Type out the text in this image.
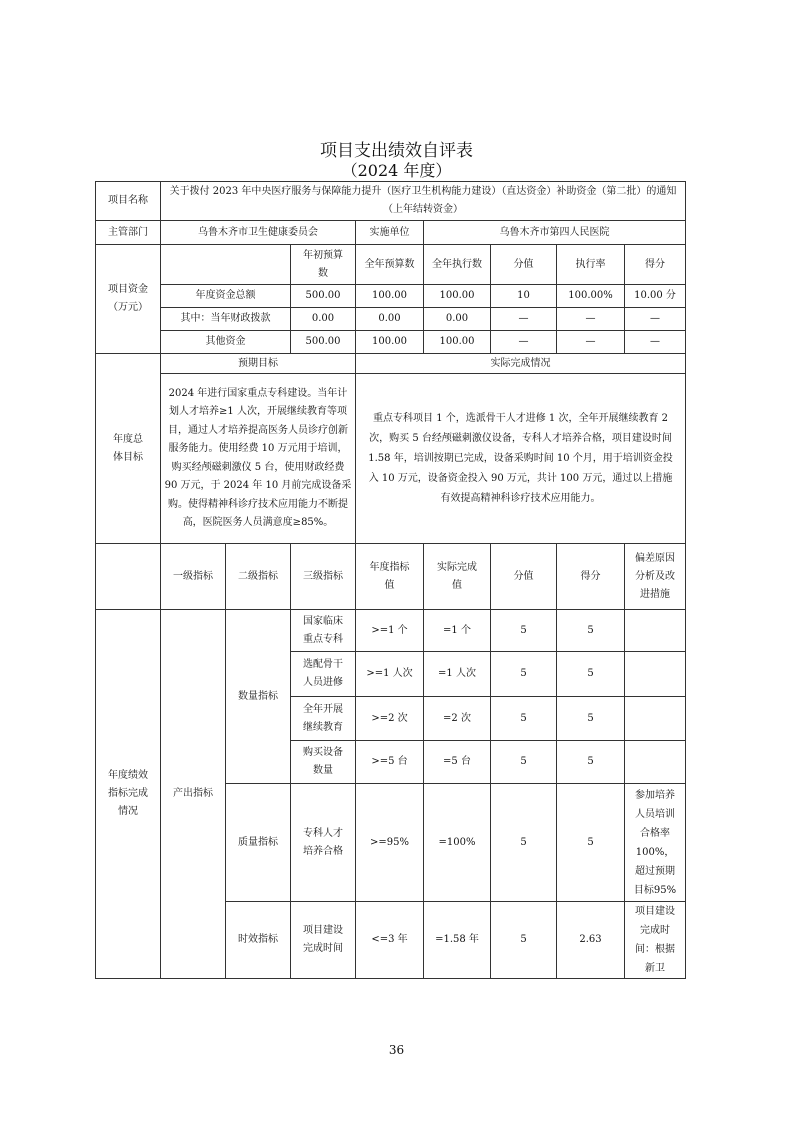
项目支出绩效自评表
（2024 年度）
项目名称	关于拨付 2023 年中央医疗服务与保障能力提升（医疗卫生机构能力建设）（直达资金）补助资金（第二批）的通知（上年结转资金）							
主管部门	乌鲁木齐市卫生健康委员会			实施单位	乌鲁木齐市第四人民医院			
项目资金（万元）			年初预算数	全年预算数	全年执行数	分值	执行率	得分
	年度资金总额		500.00	100.00	100.00	10	100.00%	10.00 分
	其中：当年财政拨款		0.00	0.00	0.00	—	—	—
	其他资金		500.00	100.00	100.00	—	—	—
年度总体目标	预期目标			实际完成情况				
	2024 年进行国家重点专科建设。当年计划人才培养≥1 人次，开展继续教育等项目，通过人才培养提高医务人员诊疗创新服务能力。使用经费 10 万元用于培训，购买经颅磁刺激仪 5 台，使用财政经费 90 万元，于 2024 年 10 月前完成设备采购。使得精神科诊疗技术应用能力不断提高，医院医务人员满意度≥85%。			重点专科项目 1 个，选派骨干人才进修 1 次，全年开展继续教育 2 次，购买 5 台经颅磁刺激仪设备，专科人才培养合格，项目建设时间 1.58 年，培训按期已完成，设备采购时间 10 个月，用于培训资金投入 10 万元，设备资金投入 90 万元，共计 100 万元，通过以上措施有效提高精神科诊疗技术应用能力。				
	一级指标	二级指标	三级指标	年度指标值	实际完成值	分值	得分	偏差原因分析及改进措施
年度绩效指标完成情况	产出指标	数量指标	国家临床重点专科	>=1 个	=1 个	5	5	
			选配骨干人员进修	>=1 人次	=1 人次	5	5	
			全年开展继续教育	>=2 次	=2 次	5	5	
			购买设备数量	>=5 台	=5 台	5	5	
		质量指标	专科人才培养合格	>=95%	=100%	5	5	参加培养人员培训合格率100%，超过预期目标95%
		时效指标	项目建设完成时间	<=3 年	=1.58 年	5	2.63	项目建设完成时间：根据新卫
36
